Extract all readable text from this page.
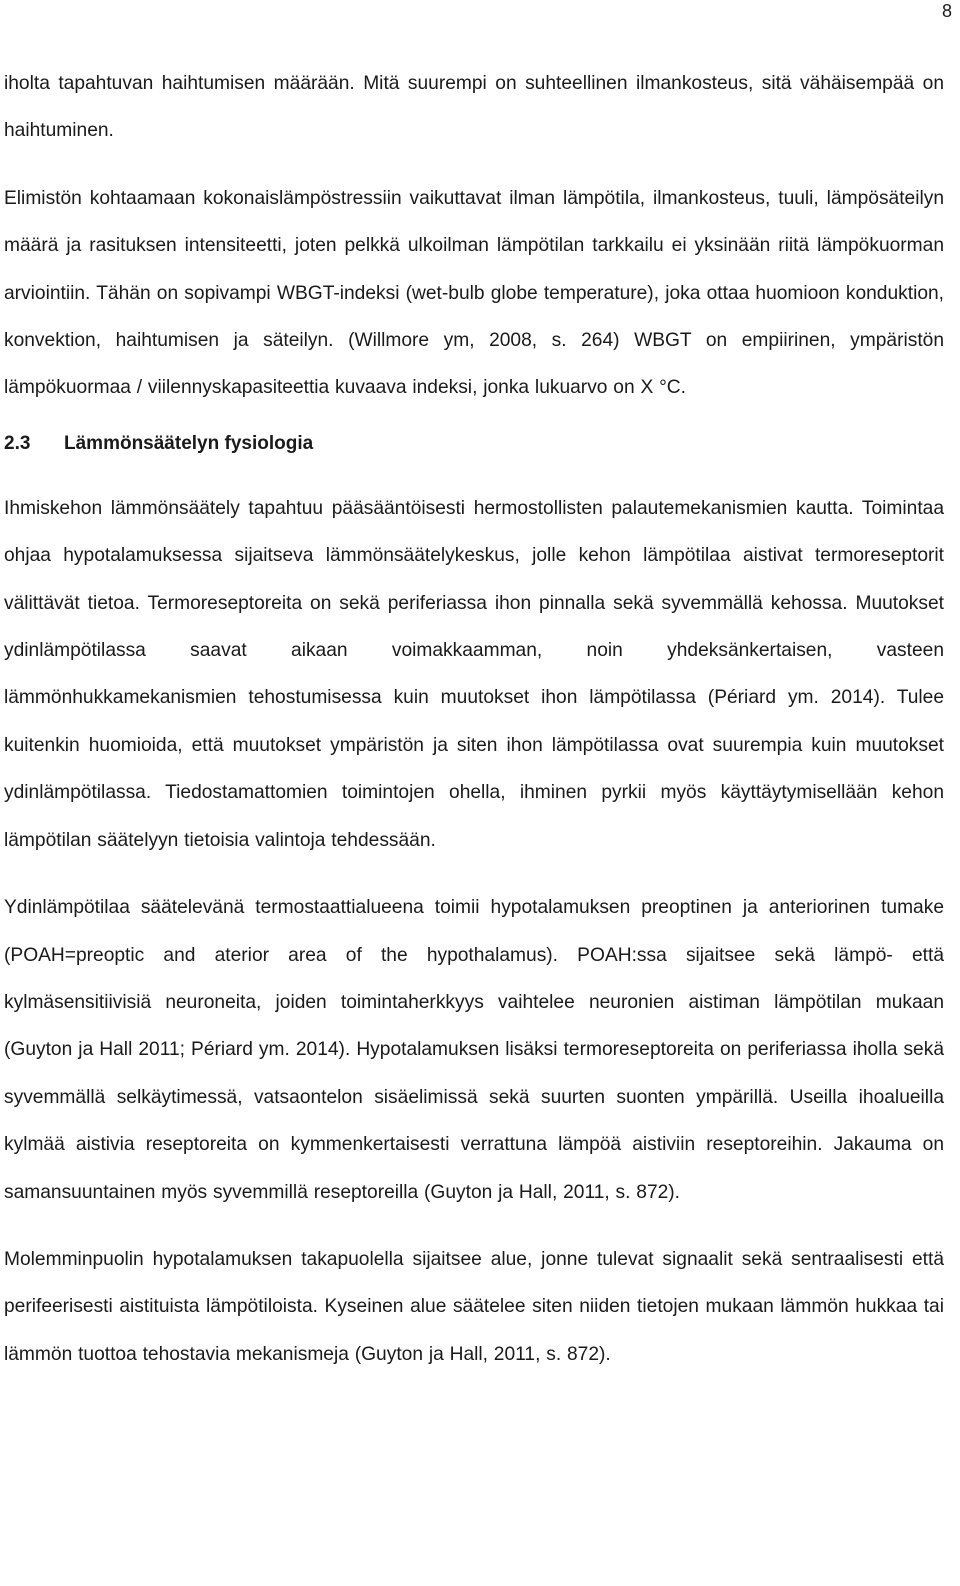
8

iholta tapahtuvan haihtumisen määrään. Mitä suurempi on suhteellinen ilmankosteus, sitä vähäisempää on haihtuminen.

Elimistön kohtaamaan kokonaislämpöstressiin vaikuttavat ilman lämpötila, ilmankosteus, tuuli, lämpösäteilyn määrä ja rasituksen intensiteetti, joten pelkkä ulkoilman lämpötilan tarkkailu ei yksinään riitä lämpökuorman arviointiin. Tähän on sopivampi WBGT-indeksi (wet-bulb globe temperature), joka ottaa huomioon konduktion, konvektion, haihtumisen ja säteilyn. (Willmore ym, 2008, s. 264) WBGT on empiirinen, ympäristön lämpökuormaa / viilennyskapasiteettia kuvaava indeksi, jonka lukuarvo on X °C.

2.3	Lämmönsäätelyn fysiologia

Ihmiskehon lämmönsäätely tapahtuu pääsääntöisesti hermostollisten palautemekanismien kautta. Toimintaa ohjaa hypotalamuksessa sijaitseva lämmönsäätelykeskus, jolle kehon lämpötilaa aistivat termoreseptorit välittävät tietoa. Termoreseptoreita on sekä periferiassa ihon pinnalla sekä syvemmällä kehossa. Muutokset ydinlämpötilassa saavat aikaan voimakkaamman, noin yhdeksänkertaisen, vasteen lämmönhukkamekanismien tehostumisessa kuin muutokset ihon lämpötilassa (Périard ym. 2014). Tulee kuitenkin huomioida, että muutokset ympäristön ja siten ihon lämpötilassa ovat suurempia kuin muutokset ydinlämpötilassa. Tiedostamattomien toimintojen ohella, ihminen pyrkii myös käyttäytymisellään kehon lämpötilan säätelyyn tietoisia valintoja tehdessään.

Ydinlämpötilaa säätelevänä termostaattialueena toimii hypotalamuksen preoptinen ja anteriorinen tumake (POAH=preoptic and aterior area of the hypothalamus). POAH:ssa sijaitsee sekä lämpö- että kylmäsensitiivisiä neuroneita, joiden toimintaherkkyys vaihtelee neuronien aistiman lämpötilan mukaan (Guyton ja Hall 2011; Périard ym. 2014). Hypotalamuksen lisäksi termoreseptoreita on periferiassa iholla sekä syvemmällä selkäytimessä, vatsaontelon sisäelimissä sekä suurten suonten ympärillä. Useilla ihoalueilla kylmää aistivia reseptoreita on kymmenkertaisesti verrattuna lämpöä aistiviin reseptoreihin. Jakauma on samansuuntainen myös syvemmillä reseptoreilla (Guyton ja Hall, 2011, s. 872).

Molemminpuolin hypotalamuksen takapuolella sijaitsee alue, jonne tulevat signaalit sekä sentraalisesti että perifeerisesti aistituista lämpötiloista. Kyseinen alue säätelee siten niiden tietojen mukaan lämmön hukkaa tai lämmön tuottoa tehostavia mekanismeja (Guyton ja Hall, 2011, s. 872).
